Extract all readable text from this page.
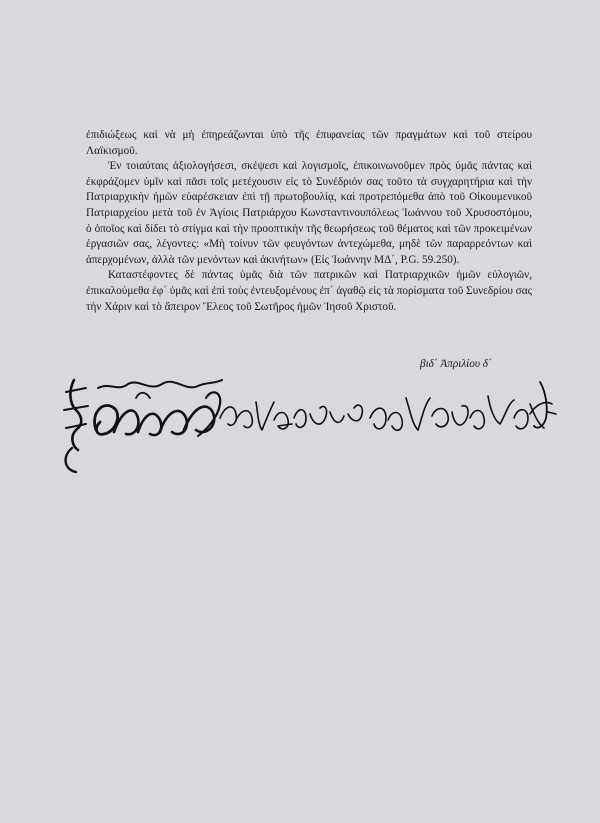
ἐπιδιώξεως καὶ νὰ μὴ ἐπηρεάζωνται ὑπὸ τῆς ἐπιφανείας τῶν πραγμάτων καὶ τοῦ στείρου Λαϊκισμοῦ.

Ἐν τοιαύταις ἀξιολογήσεσι, σκέψεσι καὶ λογισμοῖς, ἐπικοινωνοῦμεν πρὸς ὑμᾶς πάντας καὶ ἐκφράζομεν ὑμῖν καὶ πᾶσι τοῖς μετέχουσιν εἰς τὸ Συνέδριόν σας τοῦτο τὰ συγχαρητήρια καὶ τὴν Πατριαρχικὴν ἡμῶν εὐαρέσκειαν ἐπὶ τῇ πρωτοβουλίᾳ, καὶ προτρεπόμεθα ἀπὸ τοῦ Οἰκουμενικοῦ Πατριαρχείου μετὰ τοῦ ἐν Ἁγίοις Πατριάρχου Κωνσταντινουπόλεως Ἰωάννου τοῦ Χρυσοστόμου, ὁ ὁποῖος καὶ δίδει τὸ στίγμα καὶ τὴν προοπτικὴν τῆς θεωρήσεως τοῦ θέματος καὶ τῶν προκειμένων ἐργασιῶν σας, λέγοντες: «Μὴ τοίνυν τῶν φευγόντων ἀντεχώμεθα, μηδὲ τῶν παραρρεόντων καὶ ἀπερχομένων, ἀλλὰ τῶν μενόντων καὶ ἀκινήτων» (Εἰς Ἰωάννην ΜΔ΄, P.G. 59.250).

Καταστέφοντες δὲ πάντας ὑμᾶς διὰ τῶν πατρικῶν καὶ Πατριαρχικῶν ἡμῶν εὐλογιῶν, ἐπικαλούμεθα ἐφ΄ ὑμᾶς καὶ ἐπὶ τοὺς ἐντευξομένους ἐπ΄ ἀγαθῷ εἰς τὰ πορίσματα τοῦ Συνεδρίου σας τὴν Χάριν καὶ τὸ ἄπειρον Ἔλεος τοῦ Σωτῆρος ἡμῶν Ἰησοῦ Χριστοῦ.

βιδ΄ Ἀπριλίου δ΄
